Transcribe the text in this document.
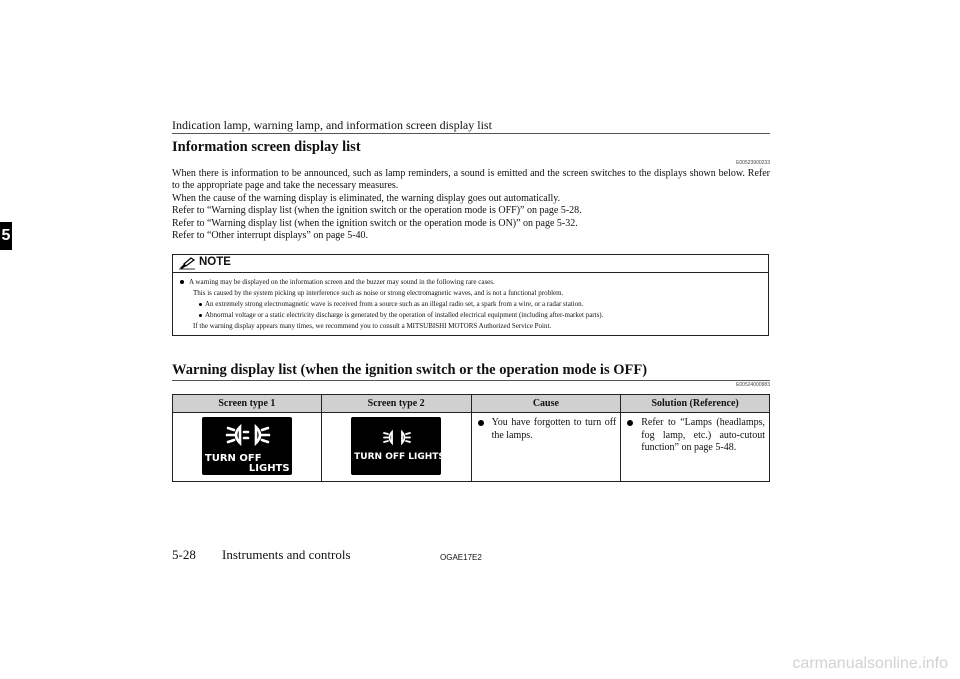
Indication lamp, warning lamp, and information screen display list
5
Information screen display list
E00523900233

When there is information to be announced, such as lamp reminders, a sound is emitted and the screen switches to the displays shown below. Refer to the appropriate page and take the necessary measures.

When the cause of the warning display is eliminated, the warning display goes out automatically.

Refer to “Warning display list (when the ignition switch or the operation mode is OFF)” on page 5-28.

Refer to “Warning display list (when the ignition switch or the operation mode is ON)” on page 5-32.

Refer to “Other interrupt displays” on page 5-40.

NOTE
A warning may be displayed on the information screen and the buzzer may sound in the following rare cases.
This is caused by the system picking up interference such as noise or strong electromagnetic waves, and is not a functional problem.
An extremely strong electromagnetic wave is received from a source such as an illegal radio set, a spark from a wire, or a radar station.
Abnormal voltage or a static electricity discharge is generated by the operation of installed electrical equipment (including after-market parts).
If the warning display appears many times, we recommend you to consult a MITSUBISHI MOTORS Authorized Service Point.
Warning display list (when the ignition switch or the operation mode is OFF)
E00524000983
Screen type 1	Screen type 2	Cause	Solution (Reference)

TURN OFF
LIGHTS	TURN OFF LIGHTS	You have forgotten to turn off the lamps.	Refer to “Lamps (headlamps, fog lamp, etc.) auto-cutout function” on page 5-48.
5-28 Instruments and controls	OGAE17E2
carmanualsonline.info
